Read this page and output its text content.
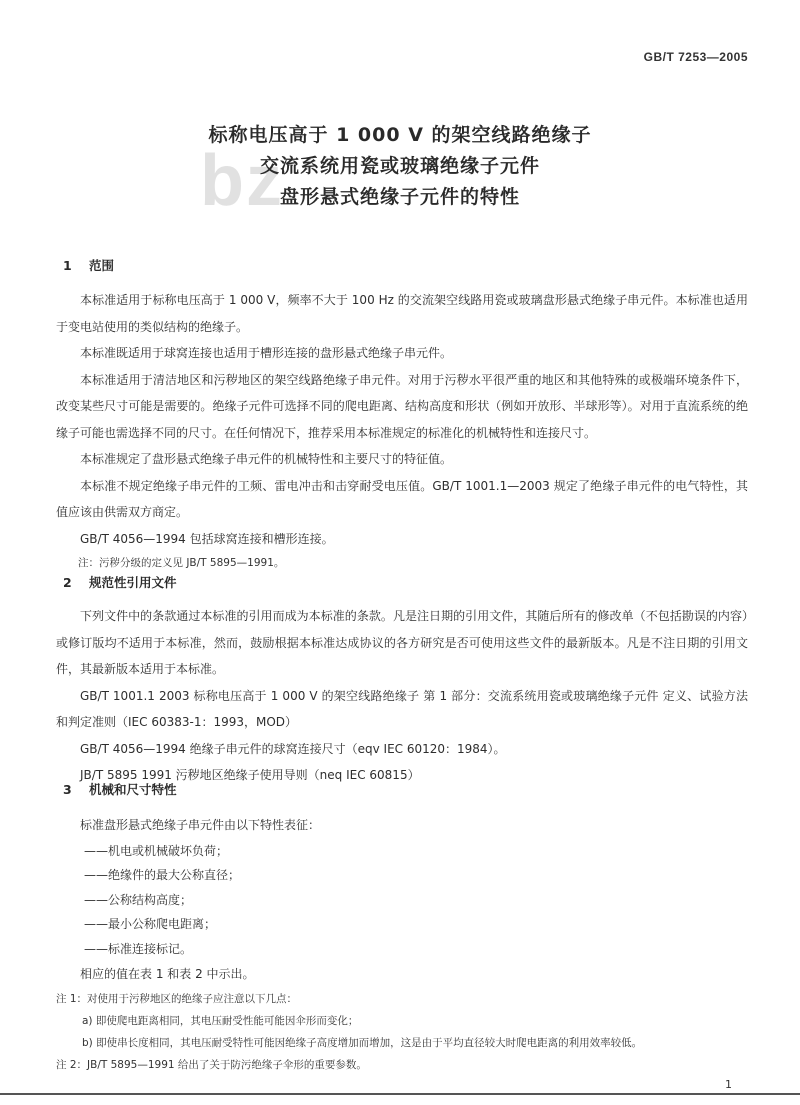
GB/T 7253—2005
bz
标称电压高于 1 000 V 的架空线路绝缘子
交流系统用瓷或玻璃绝缘子元件
盘形悬式绝缘子元件的特性
1 范围

本标准适用于标称电压高于 1 000 V，频率不大于 100 Hz 的交流架空线路用瓷或玻璃盘形悬式绝缘子串元件。本标准也适用于变电站使用的类似结构的绝缘子。

本标准既适用于球窝连接也适用于槽形连接的盘形悬式绝缘子串元件。

本标准适用于清洁地区和污秽地区的架空线路绝缘子串元件。对用于污秽水平很严重的地区和其他特殊的或极端环境条件下，改变某些尺寸可能是需要的。绝缘子元件可选择不同的爬电距离、结构高度和形状（例如开放形、半球形等）。对用于直流系统的绝缘子可能也需选择不同的尺寸。在任何情况下，推荐采用本标准规定的标准化的机械特性和连接尺寸。

本标准规定了盘形悬式绝缘子串元件的机械特性和主要尺寸的特征值。

本标准不规定绝缘子串元件的工频、雷电冲击和击穿耐受电压值。GB/T 1001.1—2003 规定了绝缘子串元件的电气特性，其值应该由供需双方商定。

GB/T 4056—1994 包括球窝连接和槽形连接。

注：污秽分级的定义见 JB/T 5895—1991。

2 规范性引用文件

下列文件中的条款通过本标准的引用而成为本标准的条款。凡是注日期的引用文件，其随后所有的修改单（不包括勘误的内容）或修订版均不适用于本标准，然而，鼓励根据本标准达成协议的各方研究是否可使用这些文件的最新版本。凡是不注日期的引用文件，其最新版本适用于本标准。

GB/T 1001.1 2003 标称电压高于 1 000 V 的架空线路绝缘子 第 1 部分：交流系统用瓷或玻璃绝缘子元件 定义、试验方法和判定准则（IEC 60383-1：1993，MOD）

GB/T 4056—1994 绝缘子串元件的球窝连接尺寸（eqv IEC 60120：1984）。

JB/T 5895 1991 污秽地区绝缘子使用导则（neq IEC 60815）

3 机械和尺寸特性

标准盘形悬式绝缘子串元件由以下特性表征：

——机电或机械破坏负荷；

——绝缘件的最大公称直径；

——公称结构高度；

——最小公称爬电距离；

——标准连接标记。

相应的值在表 1 和表 2 中示出。

注 1：对使用于污秽地区的绝缘子应注意以下几点：

a) 即使爬电距离相同，其电压耐受性能可能因伞形而变化；

b) 即使串长度相同，其电压耐受特性可能因绝缘子高度增加而增加，这是由于平均直径较大时爬电距离的利用效率较低。

注 2：JB/T 5895—1991 给出了关于防污绝缘子伞形的重要参数。

1
